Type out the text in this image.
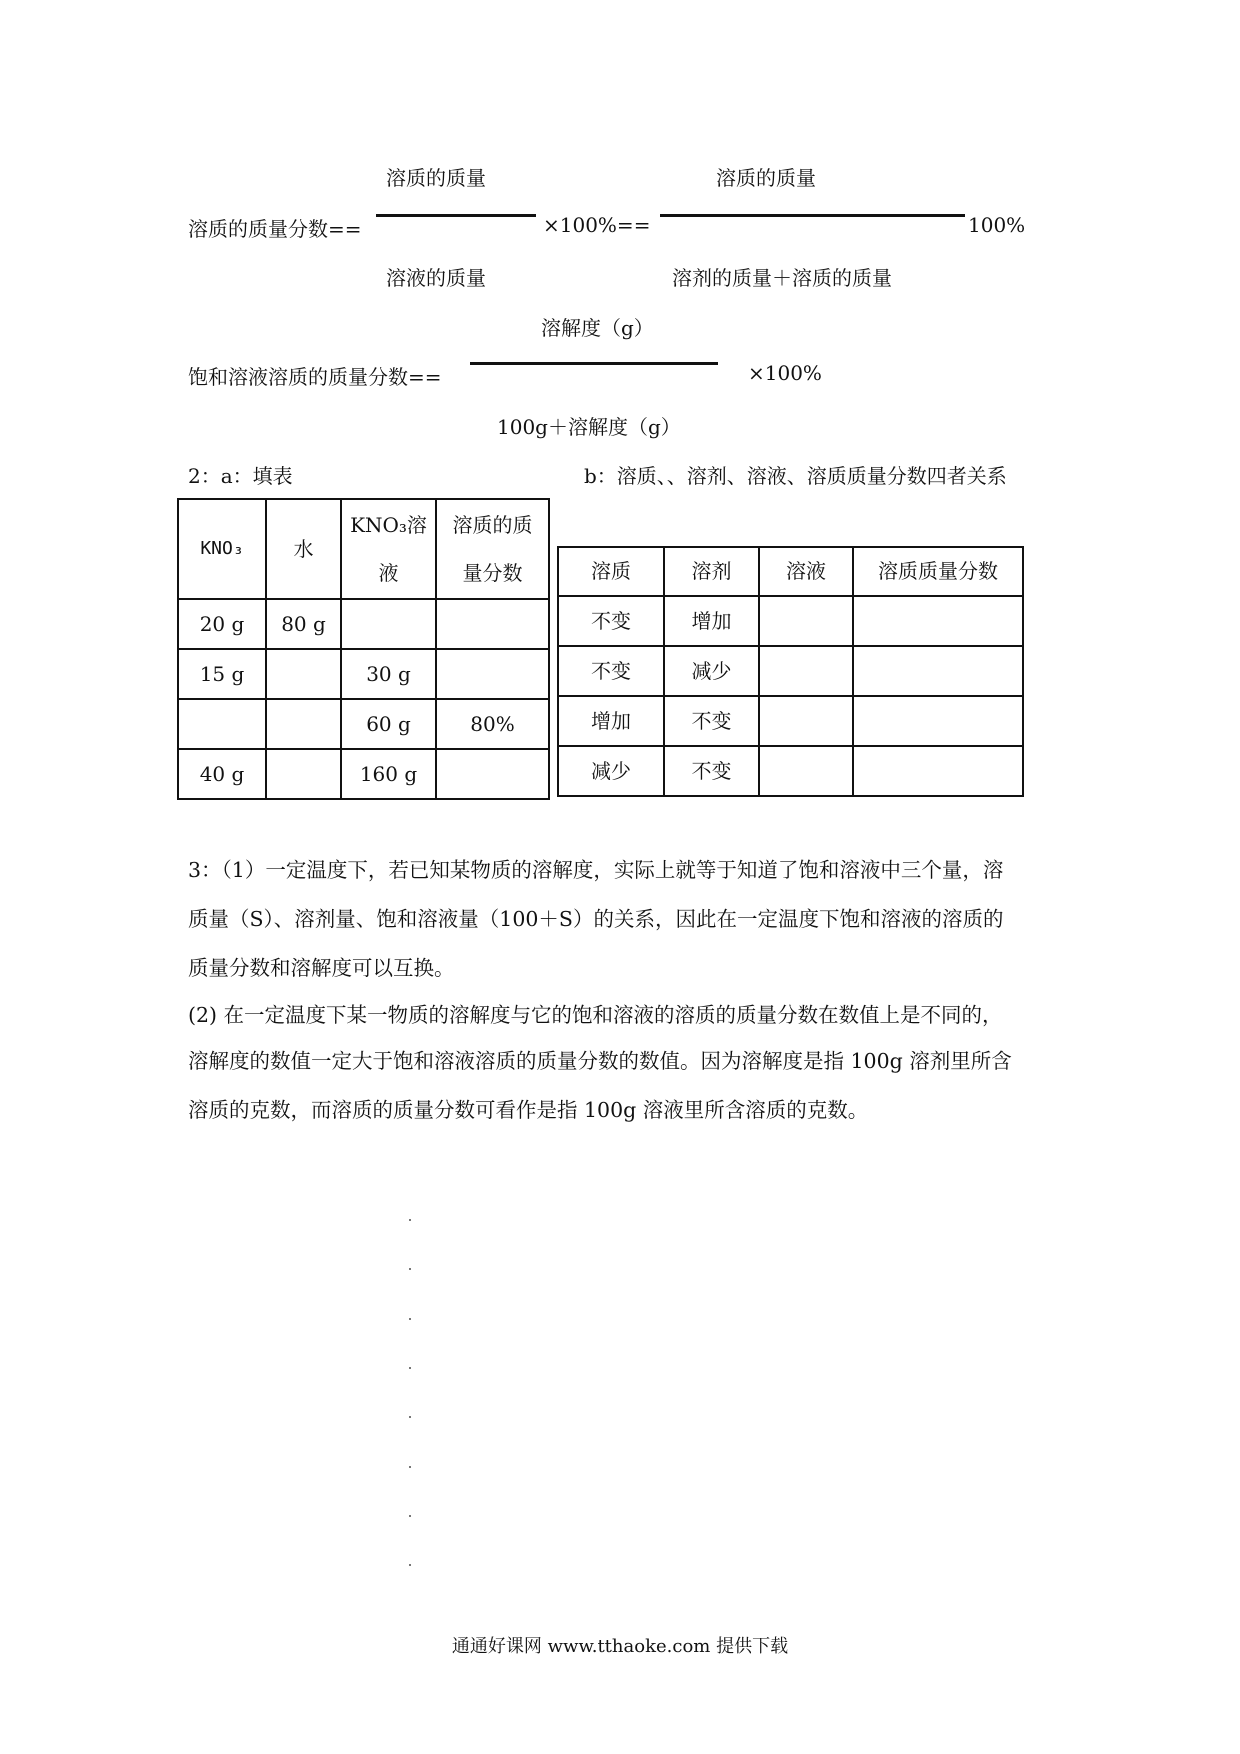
溶质的质量
溶液的质量
溶质的质量分数==	×100%==
溶质的质量
溶剂的质量＋溶质的质量
100%
溶解度（g）
100g＋溶解度（g）
饱和溶液溶质的质量分数==	×100%
2：a：填表	b：溶质、、溶剂、溶液、溶质质量分数四者关系
KNO₃	水	KNO₃溶液	溶质的质量分数
20 g	80 g		
15 g		30 g	
		60 g	80%
40 g		160 g	
溶质	溶剂	溶液	溶质质量分数
不变	增加		
不变	减少		
增加	不变		
减少	不变		

3：（1）一定温度下，若已知某物质的溶解度，实际上就等于知道了饱和溶液中三个量，溶

质量（S）、溶剂量、饱和溶液量（100＋S）的关系，因此在一定温度下饱和溶液的溶质的

质量分数和溶解度可以互换。

(2) 在一定温度下某一物质的溶解度与它的饱和溶液的溶质的质量分数在数值上是不同的，

溶解度的数值一定大于饱和溶液溶质的质量分数的数值。因为溶解度是指 100g 溶剂里所含

溶质的克数，而溶质的质量分数可看作是指 100g 溶液里所含溶质的克数。

通通好课网 www.tthaoke.com 提供下载
